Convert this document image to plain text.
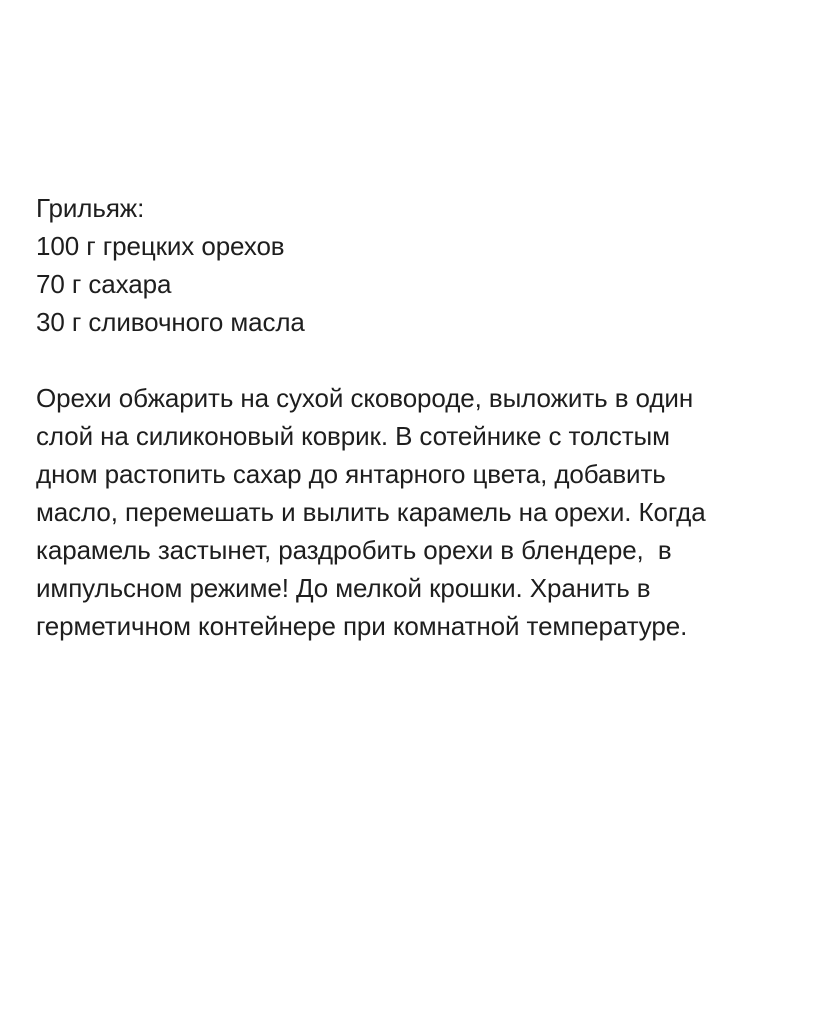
Грильяж:
100 г грецких орехов
70 г сахара
30 г сливочного масла
Орехи обжарить на сухой сковороде, выложить в один
слой на силиконовый коврик. В сотейнике с толстым
дном растопить сахар до янтарного цвета, добавить
масло, перемешать и вылить карамель на орехи. Когда
карамель застынет, раздробить орехи в блендере,  в
импульсном режиме! До мелкой крошки. Хранить в
герметичном контейнере при комнатной температуре.
